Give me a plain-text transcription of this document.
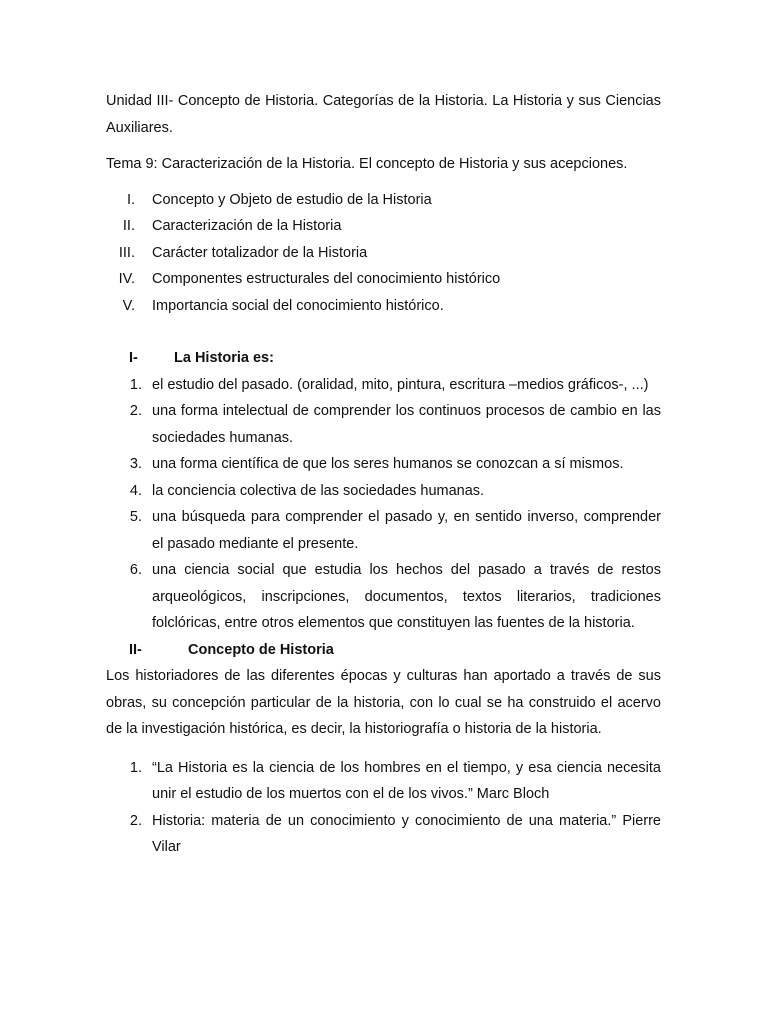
Unidad III- Concepto de Historia. Categorías de la Historia. La Historia y sus Ciencias Auxiliares.

Tema 9: Caracterización de la Historia. El concepto de Historia y sus acepciones.

I. Concepto y Objeto de estudio de la Historia
II. Caracterización de la Historia
III. Carácter totalizador de la Historia
IV. Componentes estructurales del conocimiento histórico
V. Importancia social del conocimiento histórico.
I- La Historia es:
1. el estudio del pasado. (oralidad, mito, pintura, escritura –medios gráficos-, ...)
2. una forma intelectual de comprender los continuos procesos de cambio en las sociedades humanas.
3. una forma científica de que los seres humanos se conozcan a sí mismos.
4. la conciencia colectiva de las sociedades humanas.
5. una búsqueda para comprender el pasado y, en sentido inverso, comprender el pasado mediante el presente.
6. una ciencia social que estudia los hechos del pasado a través de restos arqueológicos, inscripciones, documentos, textos literarios, tradiciones folclóricas, entre otros elementos que constituyen las fuentes de la historia.
II-	Concepto de Historia

Los historiadores de las diferentes épocas y culturas han aportado a través de sus obras, su concepción particular de la historia, con lo cual se ha construido el acervo de la investigación histórica, es decir, la historiografía o historia de la historia.

1. “La Historia es la ciencia de los hombres en el tiempo, y esa ciencia necesita unir el estudio de los muertos con el de los vivos.” Marc Bloch
2. Historia: materia de un conocimiento y conocimiento de una materia.” Pierre Vilar
